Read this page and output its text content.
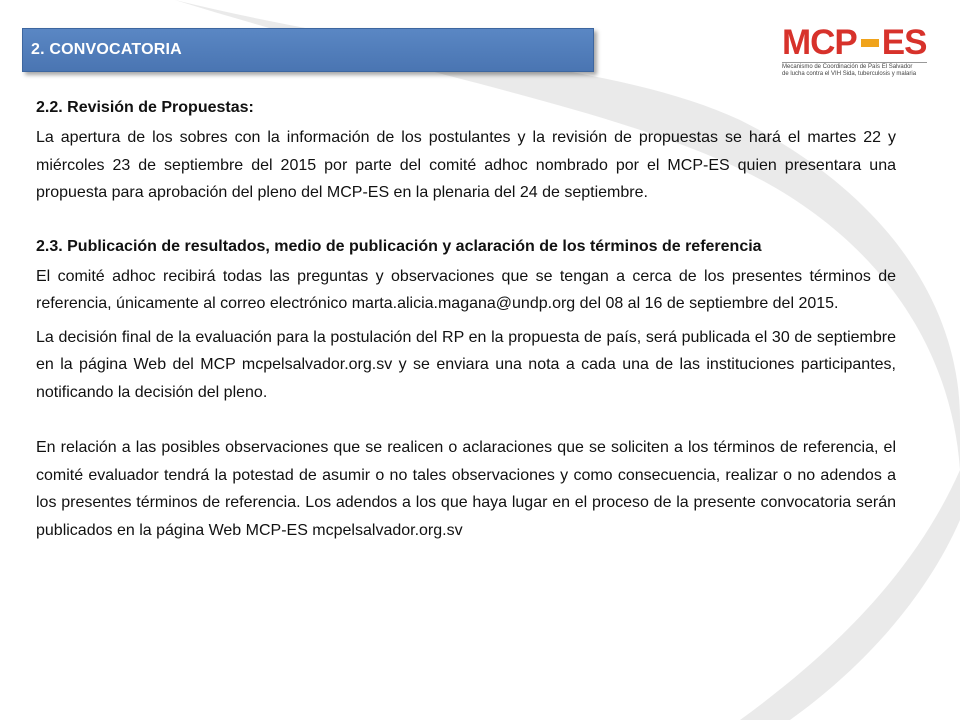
2. CONVOCATORIA	MCP ES
Mecanismo de Coordinación de País El Salvador
de lucha contra el VIH Sida, tuberculosis y malaria
2.2. Revisión de Propuestas:

La apertura de los sobres con la información de los postulantes y la revisión de propuestas se hará el martes 22 y miércoles 23 de septiembre del 2015 por parte del comité adhoc nombrado por el MCP-ES quien presentara una propuesta para aprobación del pleno del MCP-ES en la plenaria del 24 de septiembre.

2.3. Publicación de resultados, medio de publicación y aclaración de los términos de referencia

El comité adhoc recibirá todas las preguntas y observaciones que se tengan a cerca de los presentes términos de referencia, únicamente al correo electrónico marta.alicia.magana@undp.org del 08 al 16 de septiembre del 2015.

La decisión final de la evaluación para la postulación del RP en la propuesta de país, será publicada el 30 de septiembre en la página Web del MCP mcpelsalvador.org.sv y se enviara una nota a cada una de las instituciones participantes, notificando la decisión del pleno.

En relación a las posibles observaciones que se realicen o aclaraciones que se soliciten a los términos de referencia, el comité evaluador tendrá la potestad de asumir o no tales observaciones y como consecuencia, realizar o no adendos a los presentes términos de referencia. Los adendos a los que haya lugar en el proceso de la presente convocatoria serán publicados en la página Web MCP-ES mcpelsalvador.org.sv
